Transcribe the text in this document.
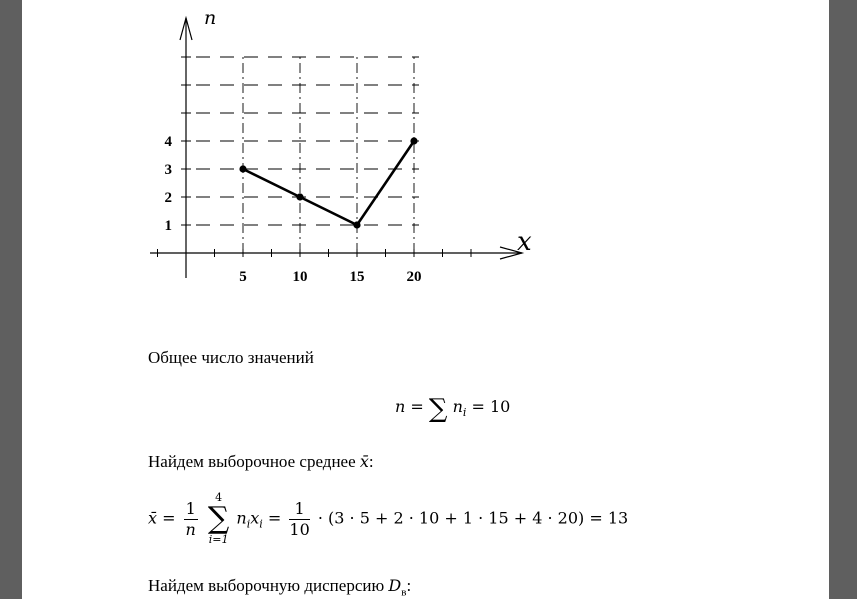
5	10	15	20
1
2
3
4
x
n
Общее число значений
n = ∑ $n_i = 10$
Найдем выборочное среднее x̄:
x̄ = $\frac{1}{n}$

4
∑
i=1
$n_ix_i = \frac{1}{10} \cdot (3 \cdot 5 + 2 \cdot 10 + 1 \cdot 15 + 4 \cdot 20) = 13$
Найдем выборочную дисперсию $D_в$:
